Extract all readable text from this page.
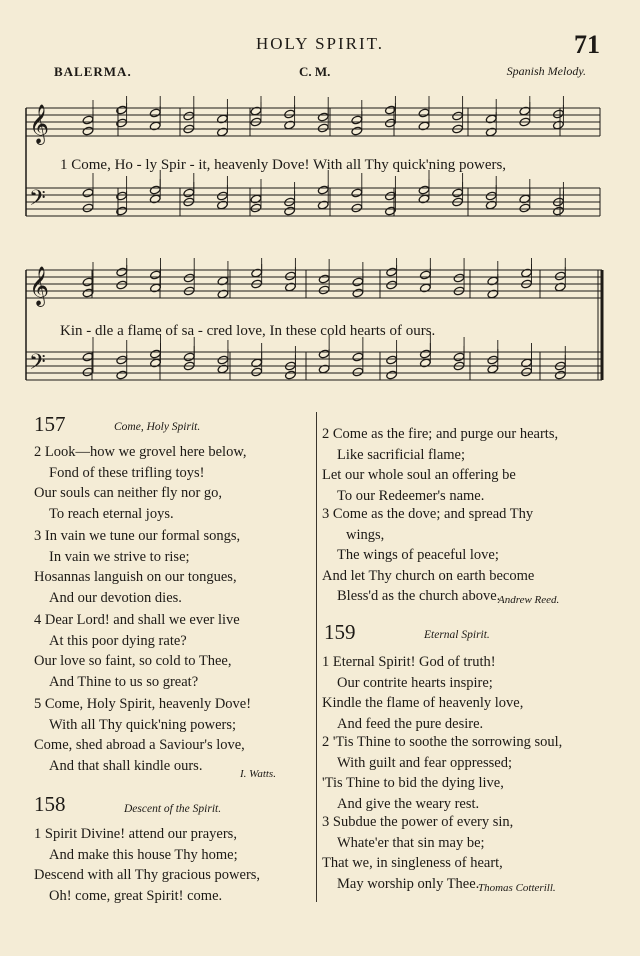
HOLY SPIRIT.	71
BALERMA.	C. M.	Spanish Melody.
𝄞
𝄢
1 Come, Ho - ly Spir - it, heavenly Dove! With all Thy quick'ning powers,
𝄞
𝄢
Kin - dle a flame of sa - cred love, In these cold hearts of ours.
157	Come, Holy Spirit.
2 Look—how we grovel here below,
Fond of these trifling toys!
Our souls can neither fly nor go,
To reach eternal joys.
3 In vain we tune our formal songs,
In vain we strive to rise;
Hosannas languish on our tongues,
And our devotion dies.
4 Dear Lord! and shall we ever live
At this poor dying rate?
Our love so faint, so cold to Thee,
And Thine to us so great?
5 Come, Holy Spirit, heavenly Dove!
With all Thy quick'ning powers;
Come, shed abroad a Saviour's love,
And that shall kindle ours.
I. Watts.
158	Descent of the Spirit.
1 Spirit Divine! attend our prayers,
And make this house Thy home;
Descend with all Thy gracious powers,
Oh! come, great Spirit! come.
2 Come as the fire; and purge our hearts,
Like sacrificial flame;
Let our whole soul an offering be
To our Redeemer's name.
3 Come as the dove; and spread Thy
wings,
The wings of peaceful love;
And let Thy church on earth become
Bless'd as the church above.
Andrew Reed.
159	Eternal Spirit.
1 Eternal Spirit! God of truth!
Our contrite hearts inspire;
Kindle the flame of heavenly love,
And feed the pure desire.
2 'Tis Thine to soothe the sorrowing soul,
With guilt and fear oppressed;
'Tis Thine to bid the dying live,
And give the weary rest.
3 Subdue the power of every sin,
Whate'er that sin may be;
That we, in singleness of heart,
May worship only Thee.
Thomas Cotterill.
